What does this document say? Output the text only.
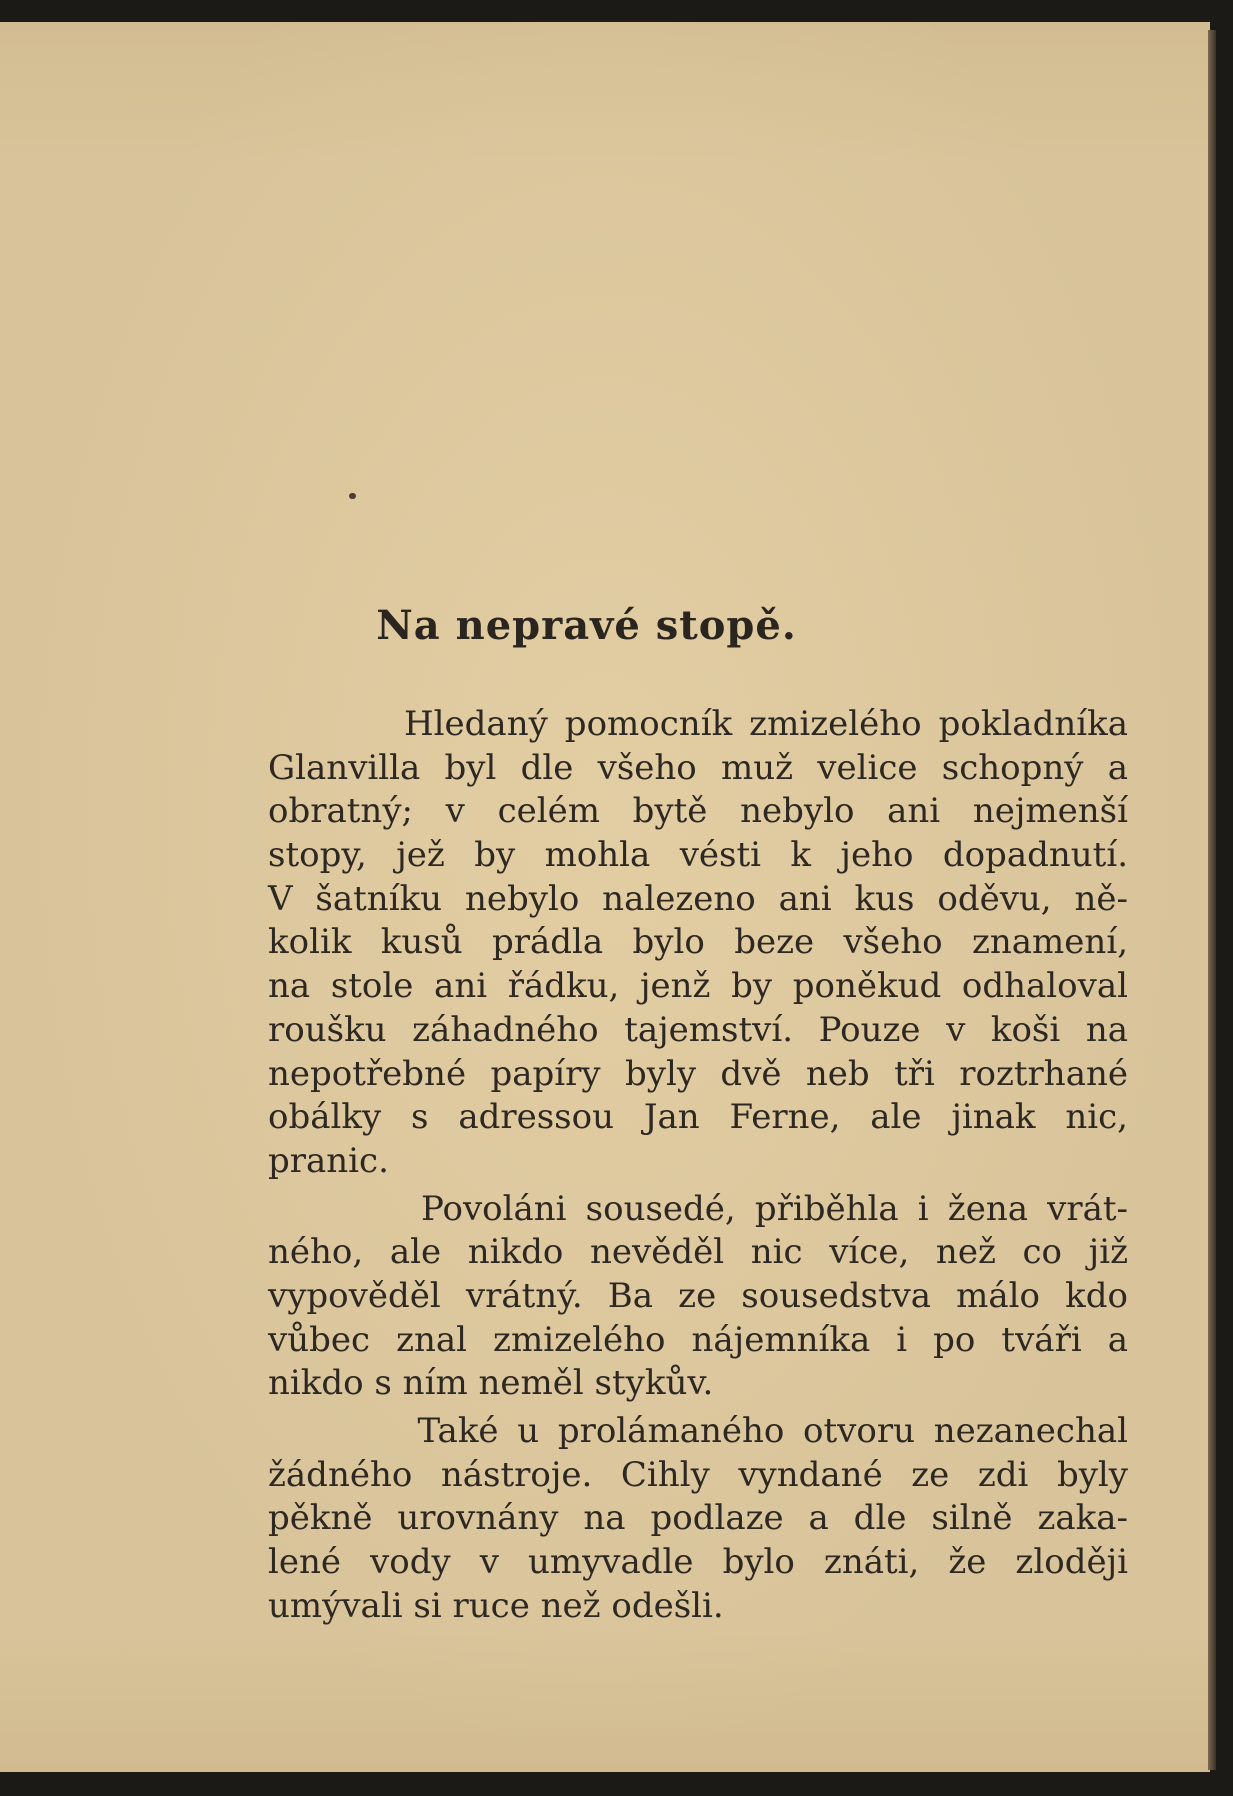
Na nepravé stopě.
Hledaný pomocník zmizelého pokladníka
Glanvilla byl dle všeho muž velice schopný a
obratný; v celém bytě nebylo ani nejmenší
stopy, jež by mohla vésti k jeho dopadnutí.
V šatníku nebylo nalezeno ani kus oděvu, ně-
kolik kusů prádla bylo beze všeho znamení,
na stole ani řádku, jenž by poněkud odhaloval
roušku záhadného tajemství. Pouze v koši na
nepotřebné papíry byly dvě neb tři roztrhané
obálky s adressou Jan Ferne, ale jinak nic,
pranic.
Povoláni sousedé, přiběhla i žena vrát-
ného, ale nikdo nevěděl nic více, než co již
vypověděl vrátný. Ba ze sousedstva málo kdo
vůbec znal zmizelého nájemníka i po tváři a
nikdo s ním neměl stykův.
Také u prolámaného otvoru nezanechal
žádného nástroje. Cihly vyndané ze zdi byly
pěkně urovnány na podlaze a dle silně zaka-
lené vody v umyvadle bylo znáti, že zloději
umývali si ruce než odešli.
